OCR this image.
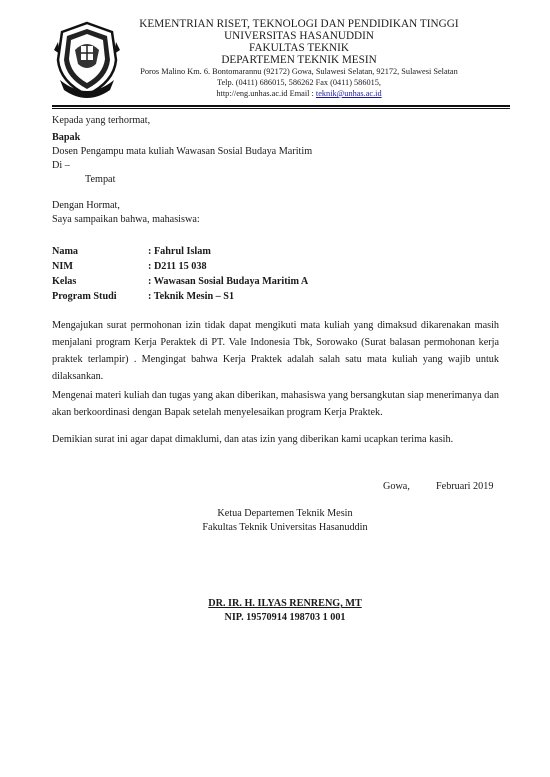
KEMENTRIAN RISET, TEKNOLOGI DAN PENDIDIKAN TINGGI
UNIVERSITAS HASANUDDIN
FAKULTAS TEKNIK
DEPARTEMEN TEKNIK MESIN
Poros Malino Km. 6. Bontomarannu (92172) Gowa, Sulawesi Selatan, 92172, Sulawesi Selatan
Telp. (0411) 686015, 586262 Fax (0411) 586015,
http://eng.unhas.ac.id Email : teknik@unhas.ac.id
Kepada yang terhormat,
Bapak
Dosen Pengampu mata kuliah Wawasan Sosial Budaya Maritim
Di –
Tempat
Dengan Hormat,
Saya sampaikan bahwa, mahasiswa:
Nama	: Fahrul Islam
NIM	: D211 15 038
Kelas	: Wawasan Sosial Budaya Maritim A
Program Studi	: Teknik Mesin – S1
Mengajukan surat permohonan izin tidak dapat mengikuti mata kuliah yang dimaksud dikarenakan masih menjalani program Kerja Peraktek di PT. Vale Indonesia Tbk, Sorowako (Surat balasan permohonan kerja praktek terlampir) . Mengingat bahwa Kerja Praktek adalah salah satu mata kuliah yang wajib untuk dilaksankan.
Mengenai materi kuliah dan tugas yang akan diberikan, mahasiswa yang bersangkutan siap menerimanya dan akan berkoordinasi dengan Bapak setelah menyelesaikan program Kerja Praktek.
Demikian surat ini agar dapat dimaklumi, dan atas izin yang diberikan kami ucapkan terima kasih.
Gowa,	Februari 2019
Ketua Departemen Teknik Mesin
Fakultas Teknik Universitas Hasanuddin
DR. IR. H. ILYAS RENRENG, MT
NIP. 19570914 198703 1 001
